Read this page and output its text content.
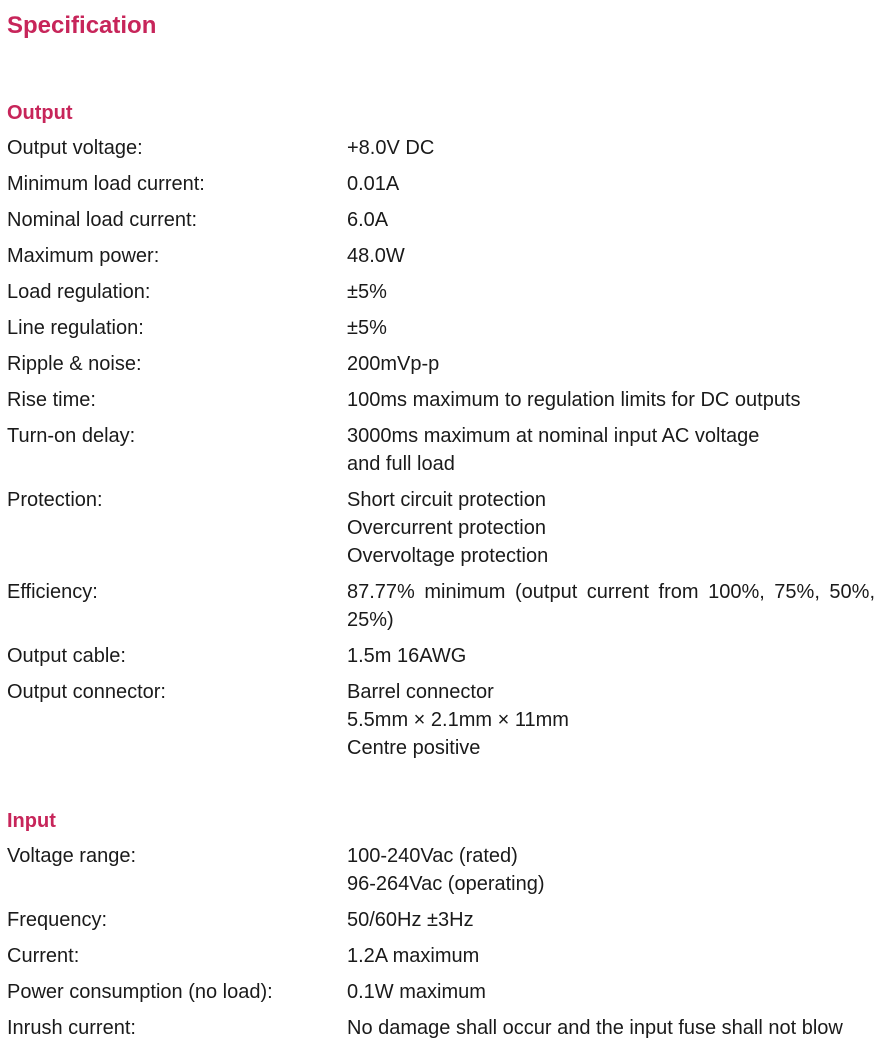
Specification
Output
Output voltage:	+8.0V DC
Minimum load current:	0.01A
Nominal load current:	6.0A
Maximum power:	48.0W
Load regulation:	±5%
Line regulation:	±5%
Ripple & noise:	200mVp-p
Rise time:	100ms maximum to regulation limits for DC outputs
Turn-on delay:	3000ms maximum at nominal input AC voltage
and full load
Protection:	Short circuit protection
Overcurrent protection
Overvoltage protection
Efficiency:	87.77% minimum (output current from 100%, 75%, 50%, 25%)
Output cable:	1.5m 16AWG
Output connector:	Barrel connector
5.5mm × 2.1mm × 11mm
Centre positive
Input
Voltage range:	100-240Vac (rated)
96-264Vac (operating)
Frequency:	50/60Hz ±3Hz
Current:	1.2A maximum
Power consumption (no load):	0.1W maximum
Inrush current:	No damage shall occur and the input fuse shall not blow
